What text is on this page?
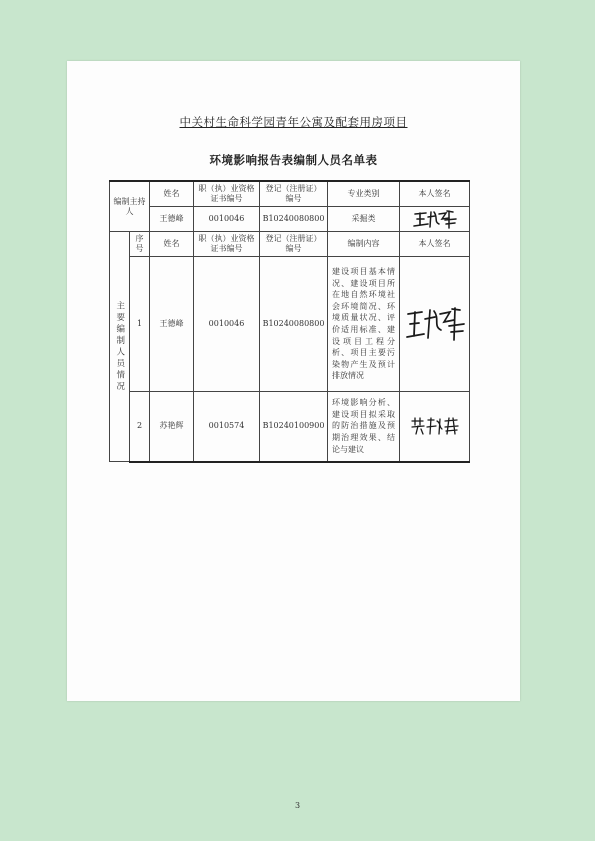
中关村生命科学园青年公寓及配套用房项目
环境影响报告表编制人员名单表
编制主持人		姓名	职（执）业资格证书编号	登记（注册证）编号	专业类别	本人签名
		王德峰	0010046	B10240080800	采掘类	

主要编制人员情况	序号	姓名	职（执）业资格证书编号	登记（注册证）编号	编制内容	本人签名
	1	王德峰	0010046	B10240080800	建设项目基本情况、建设项目所在地自然环境社会环境简况、环境质量状况、评价适用标准、建设项目工程分析、项目主要污染物产生及预计排放情况	

	2	苏艳辉	0010574	B10240100900	环境影响分析、建设项目拟采取的防治措施及预期治理效果、结论与建议	
3
